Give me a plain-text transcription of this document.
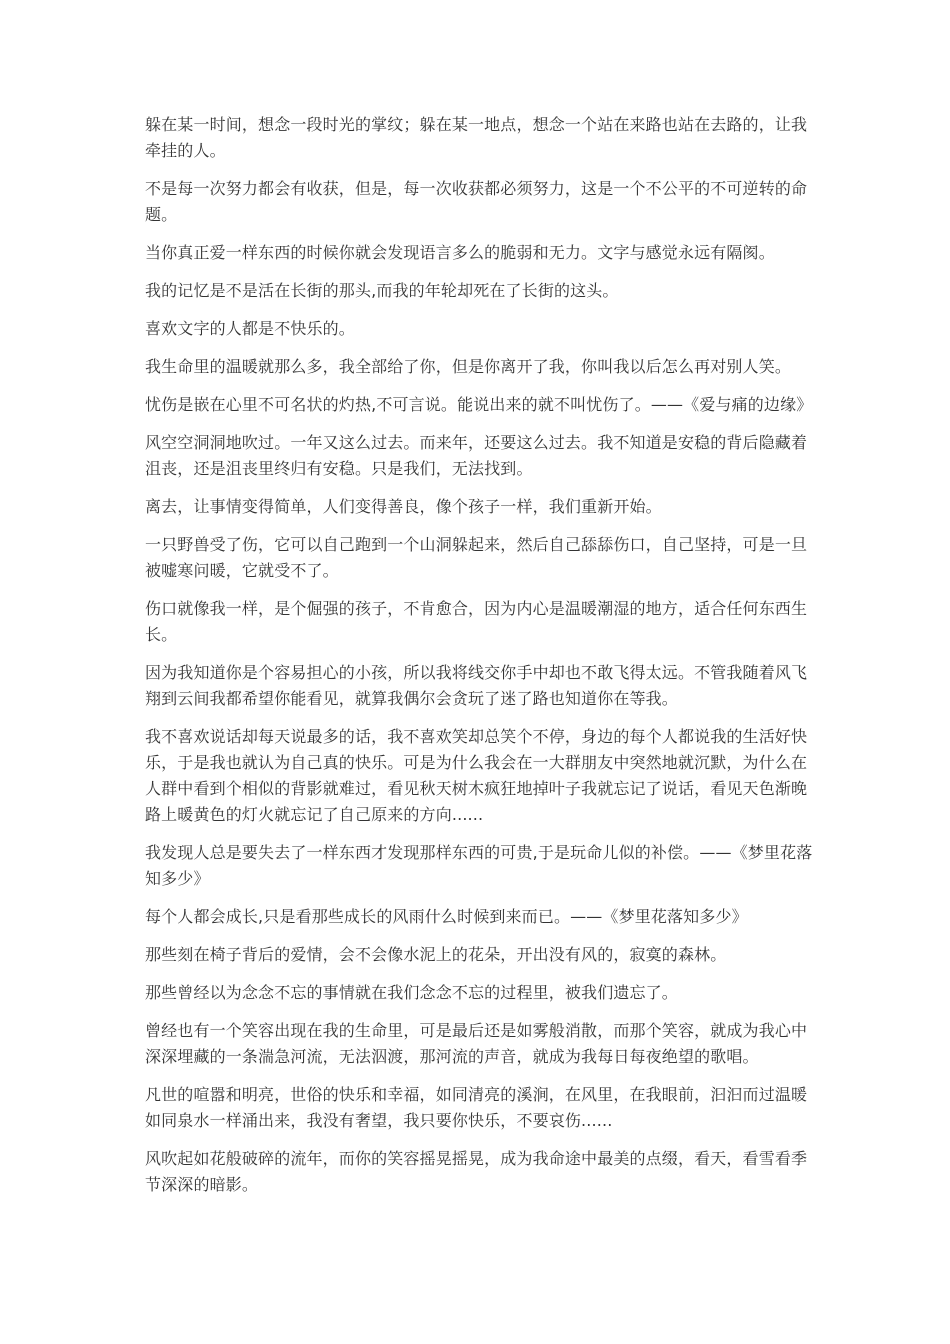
躲在某一时间，想念一段时光的掌纹；躲在某一地点，想念一个站在来路也站在去路的，让我牵挂的人。

不是每一次努力都会有收获，但是，每一次收获都必须努力，这是一个不公平的不可逆转的命题。

当你真正爱一样东西的时候你就会发现语言多么的脆弱和无力。文字与感觉永远有隔阂。

我的记忆是不是活在长街的那头,而我的年轮却死在了长街的这头。

喜欢文字的人都是不快乐的。

我生命里的温暖就那么多，我全部给了你，但是你离开了我，你叫我以后怎么再对别人笑。

忧伤是嵌在心里不可名状的灼热,不可言说。能说出来的就不叫忧伤了。——《爱与痛的边缘》

风空空洞洞地吹过。一年又这么过去。而来年，还要这么过去。我不知道是安稳的背后隐藏着沮丧，还是沮丧里终归有安稳。只是我们，无法找到。

离去，让事情变得简单，人们变得善良，像个孩子一样，我们重新开始。

一只野兽受了伤，它可以自己跑到一个山洞躲起来，然后自己舔舔伤口，自己坚持，可是一旦被嘘寒问暖，它就受不了。

伤口就像我一样，是个倔强的孩子，不肯愈合，因为内心是温暖潮湿的地方，适合任何东西生长。

因为我知道你是个容易担心的小孩，所以我将线交你手中却也不敢飞得太远。不管我随着风飞翔到云间我都希望你能看见，就算我偶尔会贪玩了迷了路也知道你在等我。

我不喜欢说话却每天说最多的话，我不喜欢笑却总笑个不停，身边的每个人都说我的生活好快乐，于是我也就认为自己真的快乐。可是为什么我会在一大群朋友中突然地就沉默，为什么在人群中看到个相似的背影就难过，看见秋天树木疯狂地掉叶子我就忘记了说话，看见天色渐晚路上暖黄色的灯火就忘记了自己原来的方向......

我发现人总是要失去了一样东西才发现那样东西的可贵,于是玩命儿似的补偿。——《梦里花落知多少》

每个人都会成长,只是看那些成长的风雨什么时候到来而已。——《梦里花落知多少》

那些刻在椅子背后的爱情，会不会像水泥上的花朵，开出没有风的，寂寞的森林。

那些曾经以为念念不忘的事情就在我们念念不忘的过程里，被我们遗忘了。

曾经也有一个笑容出现在我的生命里，可是最后还是如雾般消散，而那个笑容，就成为我心中深深埋藏的一条湍急河流，无法泅渡，那河流的声音，就成为我每日每夜绝望的歌唱。

凡世的喧嚣和明亮，世俗的快乐和幸福，如同清亮的溪涧，在风里，在我眼前，汩汩而过温暖如同泉水一样涌出来，我没有奢望，我只要你快乐，不要哀伤......

风吹起如花般破碎的流年，而你的笑容摇晃摇晃，成为我命途中最美的点缀，看天，看雪看季节深深的暗影。
